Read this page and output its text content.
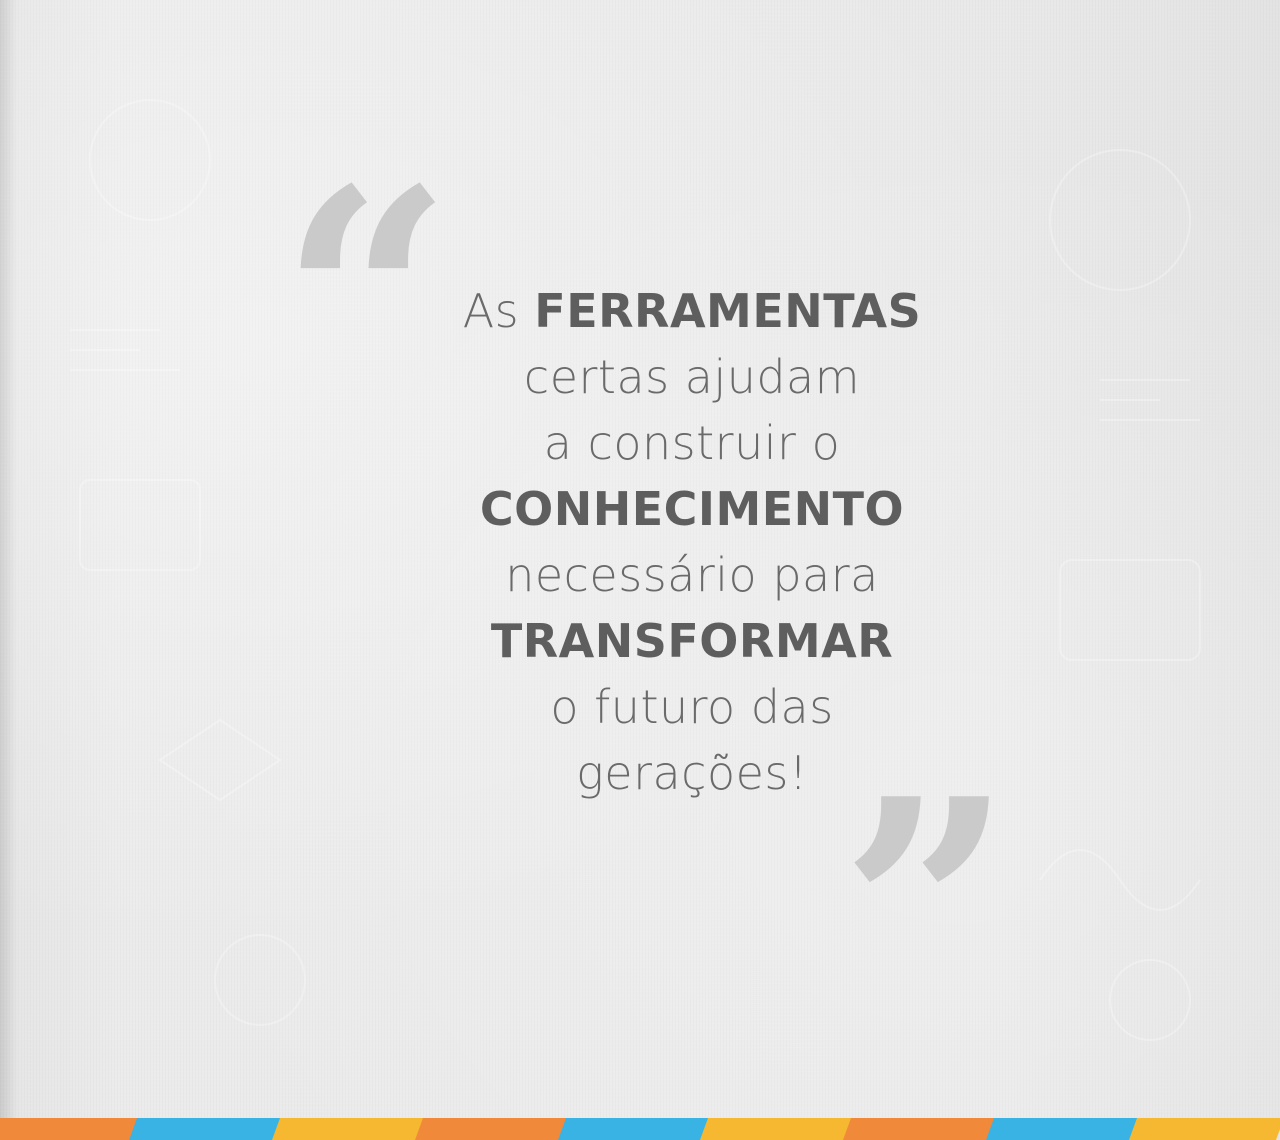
“
”
As FERRAMENTAS
certas ajudam
a construir o
CONHECIMENTO
necessário para
TRANSFORMAR
o futuro das
gerações!
